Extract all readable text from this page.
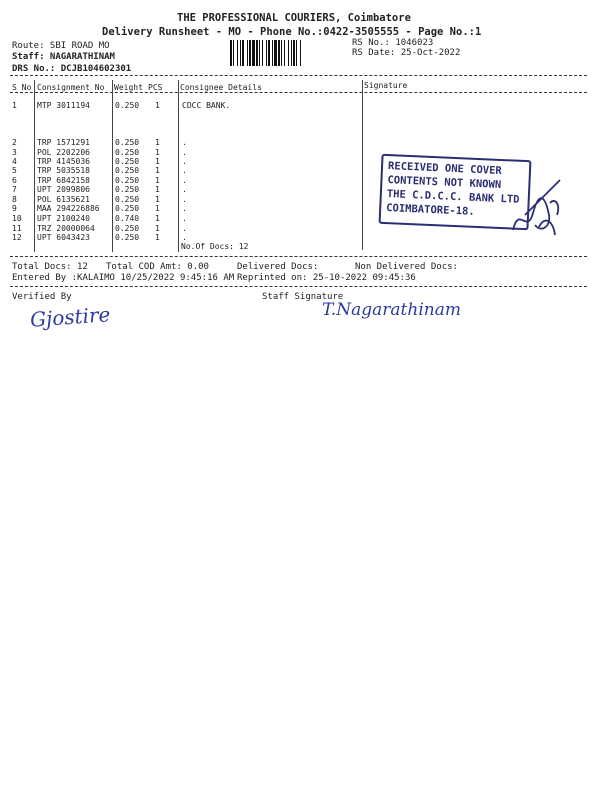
THE PROFESSIONAL COURIERS, Coimbatore
Delivery Runsheet - MO - Phone No.:0422-3505555 - Page No.:1
Route: SBI ROAD MO
Staff: NAGARATHINAM
DRS No.: DCJB104602301
RS No.: 1046023
RS Date: 25-Oct-2022
S No Consignment No Weight PCS Consignee Details	Signature
1	MTP 3011194	0.250 1	CDCC BANK.
2	TRP 1571291	0.250 1	.
3	POL 2202206	0.250 1	.
4	TRP 4145036	0.250 1	.
5	TRP 5035518	0.250 1	.
6	TRP 6842158	0.250 1	.
7	UPT 2099806	0.250 1	.
8	POL 6135621	0.250 1	.
9	MAA 294226886 0.250 1	.
10 UPT 2100240	0.740 1	.
11 TRZ 20000064	0.250 1	.
12 UPT 6043423	0.250 1	.
No.Of Docs: 12
RECEIVED ONE COVER
CONTENTS NOT KNOWN
THE C.D.C.C. BANK LTD
COIMBATORE-18.
Total Docs: 12 Total COD Amt: 0.00	Delivered Docs:	Non Delivered Docs:
Entered By :KALAIMO 10/25/2022 9:45:16 AM Reprinted on: 25-10-2022 09:45:36
Verified By	Staff Signature
Gjostire	T.Nagarathinam
